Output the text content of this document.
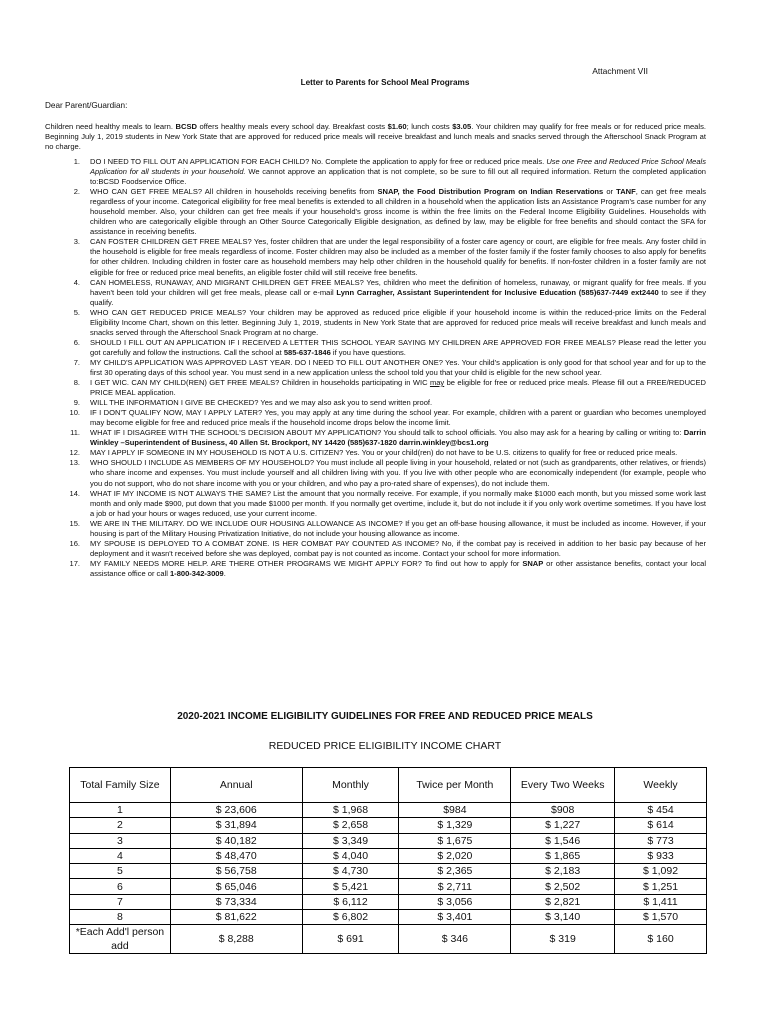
Attachment VII
Letter to Parents for School Meal Programs
Dear Parent/Guardian:
Children need healthy meals to learn. BCSD offers healthy meals every school day. Breakfast costs $1.60; lunch costs $3.05. Your children may qualify for free meals or for reduced price meals. Beginning July 1, 2019 students in New York State that are approved for reduced price meals will receive breakfast and lunch meals and snacks served through the Afterschool Snack Program at no charge.
1.	DO I NEED TO FILL OUT AN APPLICATION FOR EACH CHILD? No. Complete the application to apply for free or reduced price meals. Use one Free and Reduced Price School Meals Application for all students in your household. We cannot approve an application that is not complete, so be sure to fill out all required information. Return the completed application to:BCSD Foodservice Office.
2.	WHO CAN GET FREE MEALS? All children in households receiving benefits from SNAP, the Food Distribution Program on Indian Reservations or TANF, can get free meals regardless of your income. Categorical eligibility for free meal benefits is extended to all children in a household when the application lists an Assistance Program's case number for any household member. Also, your children can get free meals if your household's gross income is within the free limits on the Federal Income Eligibility Guidelines. Households with children who are categorically eligible through an Other Source Categorically Eligible designation, as defined by law, may be eligible for free benefits and should contact the SFA for assistance in receiving benefits.
3.	CAN FOSTER CHILDREN GET FREE MEALS? Yes, foster children that are under the legal responsibility of a foster care agency or court, are eligible for free meals. Any foster child in the household is eligible for free meals regardless of income. Foster children may also be included as a member of the foster family if the foster family chooses to also apply for benefits for other children. Including children in foster care as household members may help other children in the household qualify for benefits. If non-foster children in a foster family are not eligible for free or reduced price meal benefits, an eligible foster child will still receive free benefits.
4.	CAN HOMELESS, RUNAWAY, AND MIGRANT CHILDREN GET FREE MEALS? Yes, children who meet the definition of homeless, runaway, or migrant qualify for free meals. If you haven't been told your children will get free meals, please call or e-mail Lynn Carragher, Assistant Superintendent for Inclusive Education (585)637-7449 ext2440 to see if they qualify.
5.	WHO CAN GET REDUCED PRICE MEALS? Your children may be approved as reduced price eligible if your household income is within the reduced-price limits on the Federal Eligibility Income Chart, shown on this letter. Beginning July 1, 2019, students in New York State that are approved for reduced price meals will receive breakfast and lunch meals and snacks served through the Afterschool Snack Program at no charge.
6.	SHOULD I FILL OUT AN APPLICATION IF I RECEIVED A LETTER THIS SCHOOL YEAR SAYING MY CHILDREN ARE APPROVED FOR FREE MEALS? Please read the letter you got carefully and follow the instructions. Call the school at 585-637-1846 if you have questions.
7.	MY CHILD'S APPLICATION WAS APPROVED LAST YEAR. DO I NEED TO FILL OUT ANOTHER ONE? Yes. Your child's application is only good for that school year and for up to the first 30 operating days of this school year. You must send in a new application unless the school told you that your child is eligible for the new school year.
8.	I GET WIC. CAN MY CHILD(REN) GET FREE MEALS? Children in households participating in WIC may be eligible for free or reduced price meals. Please fill out a FREE/REDUCED PRICE MEAL application.
9.	WILL THE INFORMATION I GIVE BE CHECKED? Yes and we may also ask you to send written proof.
10.	IF I DON'T QUALIFY NOW, MAY I APPLY LATER? Yes, you may apply at any time during the school year. For example, children with a parent or guardian who becomes unemployed may become eligible for free and reduced price meals if the household income drops below the income limit.
11.	WHAT IF I DISAGREE WITH THE SCHOOL'S DECISION ABOUT MY APPLICATION? You should talk to school officials. You also may ask for a hearing by calling or writing to: Darrin Winkley –Superintendent of Business, 40 Allen St. Brockport, NY 14420 (585)637-1820 darrin.winkley@bcs1.org
12.	MAY I APPLY IF SOMEONE IN MY HOUSEHOLD IS NOT A U.S. CITIZEN? Yes. You or your child(ren) do not have to be U.S. citizens to qualify for free or reduced price meals.
13.	WHO SHOULD I INCLUDE AS MEMBERS OF MY HOUSEHOLD? You must include all people living in your household, related or not (such as grandparents, other relatives, or friends) who share income and expenses. You must include yourself and all children living with you. If you live with other people who are economically independent (for example, people who you do not support, who do not share income with you or your children, and who pay a pro-rated share of expenses), do not include them.
14.	WHAT IF MY INCOME IS NOT ALWAYS THE SAME? List the amount that you normally receive. For example, if you normally make $1000 each month, but you missed some work last month and only made $900, put down that you made $1000 per month. If you normally get overtime, include it, but do not include it if you only work overtime sometimes. If you have lost a job or had your hours or wages reduced, use your current income.
15.	WE ARE IN THE MILITARY. DO WE INCLUDE OUR HOUSING ALLOWANCE AS INCOME? If you get an off-base housing allowance, it must be included as income. However, if your housing is part of the Military Housing Privatization Initiative, do not include your housing allowance as income.
16.	MY SPOUSE IS DEPLOYED TO A COMBAT ZONE. IS HER COMBAT PAY COUNTED AS INCOME? No, if the combat pay is received in addition to her basic pay because of her deployment and it wasn't received before she was deployed, combat pay is not counted as income. Contact your school for more information.
17.	MY FAMILY NEEDS MORE HELP. ARE THERE OTHER PROGRAMS WE MIGHT APPLY FOR? To find out how to apply for SNAP or other assistance benefits, contact your local assistance office or call 1-800-342-3009.
2020-2021 INCOME ELIGIBILITY GUIDELINES FOR FREE AND REDUCED PRICE MEALS
REDUCED PRICE ELIGIBILITY INCOME CHART
Total Family Size	Annual	Monthly	Twice per Month	Every Two Weeks	Weekly
1	$ 23,606	$ 1,968	$984	$908	$ 454
2	$ 31,894	$ 2,658	$ 1,329	$ 1,227	$ 614
3	$ 40,182	$ 3,349	$ 1,675	$ 1,546	$ 773
4	$ 48,470	$ 4,040	$ 2,020	$ 1,865	$ 933
5	$ 56,758	$ 4,730	$ 2,365	$ 2,183	$ 1,092
6	$ 65,046	$ 5,421	$ 2,711	$ 2,502	$ 1,251
7	$ 73,334	$ 6,112	$ 3,056	$ 2,821	$ 1,411
8	$ 81,622	$ 6,802	$ 3,401	$ 3,140	$ 1,570
*Each Add'l person add	$ 8,288	$ 691	$ 346	$ 319	$ 160
